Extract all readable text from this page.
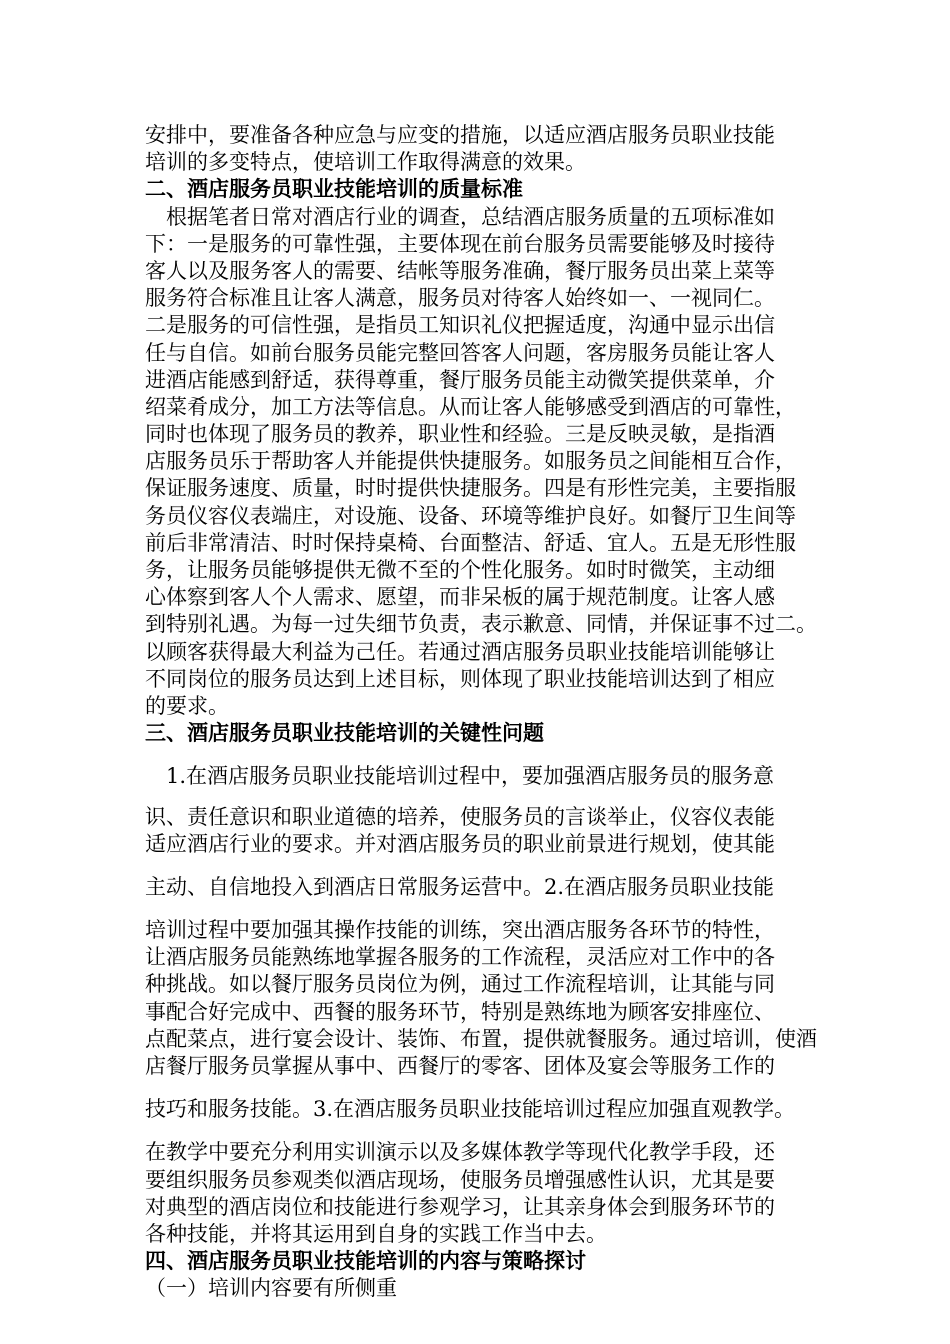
安排中，要准备各种应急与应变的措施，以适应酒店服务员职业技能
培训的多变特点，使培训工作取得满意的效果。
二、酒店服务员职业技能培训的质量标准
　根据笔者日常对酒店行业的调查，总结酒店服务质量的五项标准如
下：一是服务的可靠性强，主要体现在前台服务员需要能够及时接待
客人以及服务客人的需要、结帐等服务准确，餐厅服务员出菜上菜等
服务符合标准且让客人满意，服务员对待客人始终如一、一视同仁。
二是服务的可信性强，是指员工知识礼仪把握适度，沟通中显示出信
任与自信。如前台服务员能完整回答客人问题，客房服务员能让客人
进酒店能感到舒适，获得尊重，餐厅服务员能主动微笑提供菜单，介
绍菜肴成分，加工方法等信息。从而让客人能够感受到酒店的可靠性，
同时也体现了服务员的教养，职业性和经验。三是反映灵敏，是指酒
店服务员乐于帮助客人并能提供快捷服务。如服务员之间能相互合作，
保证服务速度、质量，时时提供快捷服务。四是有形性完美，主要指服
务员仪容仪表端庄，对设施、设备、环境等维护良好。如餐厅卫生间等
前后非常清洁、时时保持桌椅、台面整洁、舒适、宜人。五是无形性服
务，让服务员能够提供无微不至的个性化服务。如时时微笑，主动细
心体察到客人个人需求、愿望，而非呆板的属于规范制度。让客人感
到特别礼遇。为每一过失细节负责，表示歉意、同情，并保证事不过二。
以顾客获得最大利益为己任。若通过酒店服务员职业技能培训能够让
不同岗位的服务员达到上述目标，则体现了职业技能培训达到了相应
的要求。
三、酒店服务员职业技能培训的关键性问题
　1.在酒店服务员职业技能培训过程中，要加强酒店服务员的服务意
识、责任意识和职业道德的培养，使服务员的言谈举止，仪容仪表能
适应酒店行业的要求。并对酒店服务员的职业前景进行规划，使其能
主动、自信地投入到酒店日常服务运营中。2.在酒店服务员职业技能
培训过程中要加强其操作技能的训练，突出酒店服务各环节的特性，
让酒店服务员能熟练地掌握各服务的工作流程，灵活应对工作中的各
种挑战。如以餐厅服务员岗位为例，通过工作流程培训，让其能与同
事配合好完成中、西餐的服务环节，特别是熟练地为顾客安排座位、
点配菜点，进行宴会设计、装饰、布置，提供就餐服务。通过培训，使酒
店餐厅服务员掌握从事中、西餐厅的零客、团体及宴会等服务工作的
技巧和服务技能。3.在酒店服务员职业技能培训过程应加强直观教学。
在教学中要充分利用实训演示以及多媒体教学等现代化教学手段，还
要组织服务员参观类似酒店现场，使服务员增强感性认识，尤其是要
对典型的酒店岗位和技能进行参观学习，让其亲身体会到服务环节的
各种技能，并将其运用到自身的实践工作当中去。
四、酒店服务员职业技能培训的内容与策略探讨
（一）培训内容要有所侧重
